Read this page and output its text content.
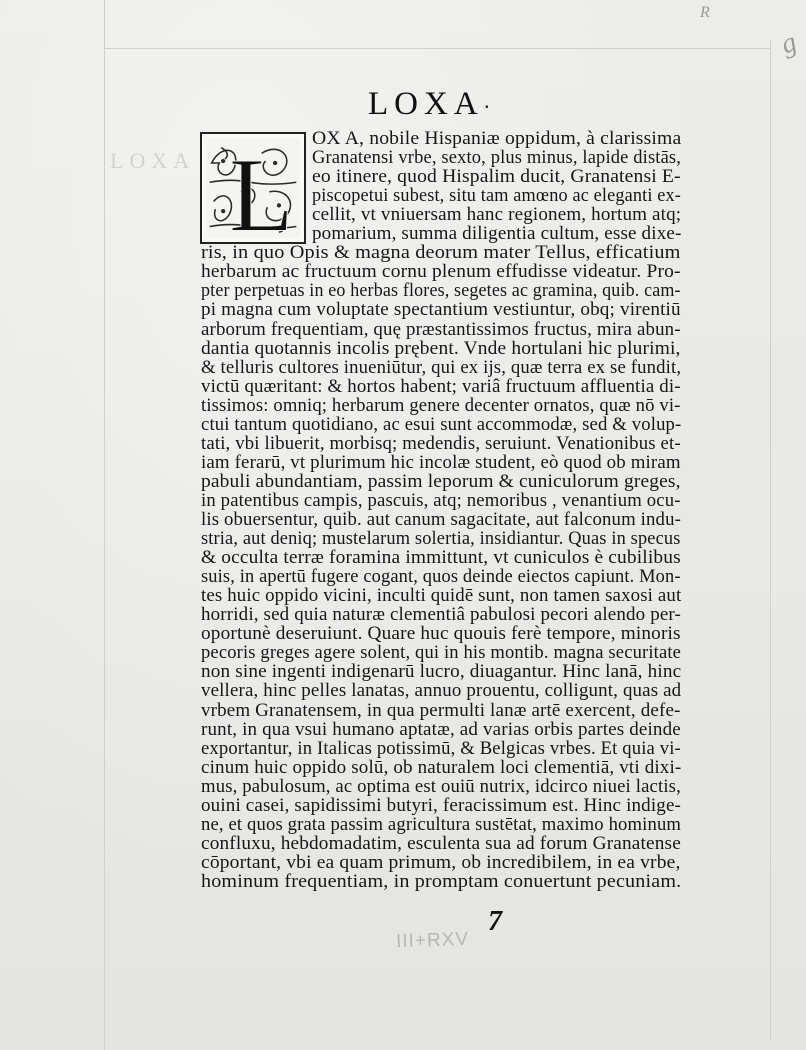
LOXA
R
g
LOXA‧
L OX A, nobile Hispaniæ oppidum, à clarissima
Granatensi vrbe, sexto, plus minus, lapide distās,
eo itinere, quod Hispalim ducit, Granatensi E-
piscopetui subest, situ tam amœno ac eleganti ex-
cellit, vt vniuersam hanc regionem, hortum atq;
pomarium, summa diligentia cultum, esse dixe-
ris, in quo Opis & magna deorum mater Tellus, efficatium
herbarum ac fructuum cornu plenum effudisse videatur. Pro-
pter perpetuas in eo herbas flores, segetes ac gramina, quib. cam-
pi magna cum voluptate spectantium vestiuntur, obq; virentiū
arborum frequentiam, quę præstantissimos fructus, mira abun-
dantia quotannis incolis prębent. Vnde hortulani hic plurimi,
& telluris cultores inueniūtur, qui ex ijs, quæ terra ex se fundit,
victū quæritant: & hortos habent; variâ fructuum affluentia di-
tissimos: omniq; herbarum genere decenter ornatos, quæ nō vi-
ctui tantum quotidiano, ac esui sunt accommodæ, sed & volup-
tati, vbi libuerit, morbisq; medendis, seruiunt. Venationibus et-
iam ferarū, vt plurimum hic incolæ student, eò quod ob miram
pabuli abundantiam, passim leporum & cuniculorum greges,
in patentibus campis, pascuis, atq; nemoribus , venantium ocu-
lis obuersentur, quib. aut canum sagacitate, aut falconum indu-
stria, aut deniq; mustelarum solertia, insidiantur. Quas in specus
& occulta terræ foramina immittunt, vt cuniculos è cubilibus
suis, in apertū fugere cogant, quos deinde eiectos capiunt. Mon-
tes huic oppido vicini, inculti quidē sunt, non tamen saxosi aut
horridi, sed quia naturæ clementiâ pabulosi pecori alendo per-
oportunè deseruiunt. Quare huc quouis ferè tempore, minoris
pecoris greges agere solent, qui in his montib. magna securitate
non sine ingenti indigenarū lucro, diuagantur. Hinc lanā, hinc
vellera, hinc pelles lanatas, annuo prouentu, colligunt, quas ad
vrbem Granatensem, in qua permulti lanæ artē exercent, defe-
runt, in qua vsui humano aptatæ, ad varias orbis partes deinde
exportantur, in Italicas potissimū, & Belgicas vrbes. Et quia vi-
cinum huic oppido solū, ob naturalem loci clementiā, vti dixi-
mus, pabulosum, ac optima est ouiū nutrix, idcirco niuei lactis,
ouini casei, sapidissimi butyri, feracissimum est. Hinc indige-
ne, et quos grata passim agricultura sustētat, maximo hominum
confluxu, hebdomadatim, esculenta sua ad forum Granatense
cōportant, vbi ea quam primum, ob incredibilem, in ea vrbe,
hominum frequentiam, in promptam conuertunt pecuniam.
7
III+RXV
